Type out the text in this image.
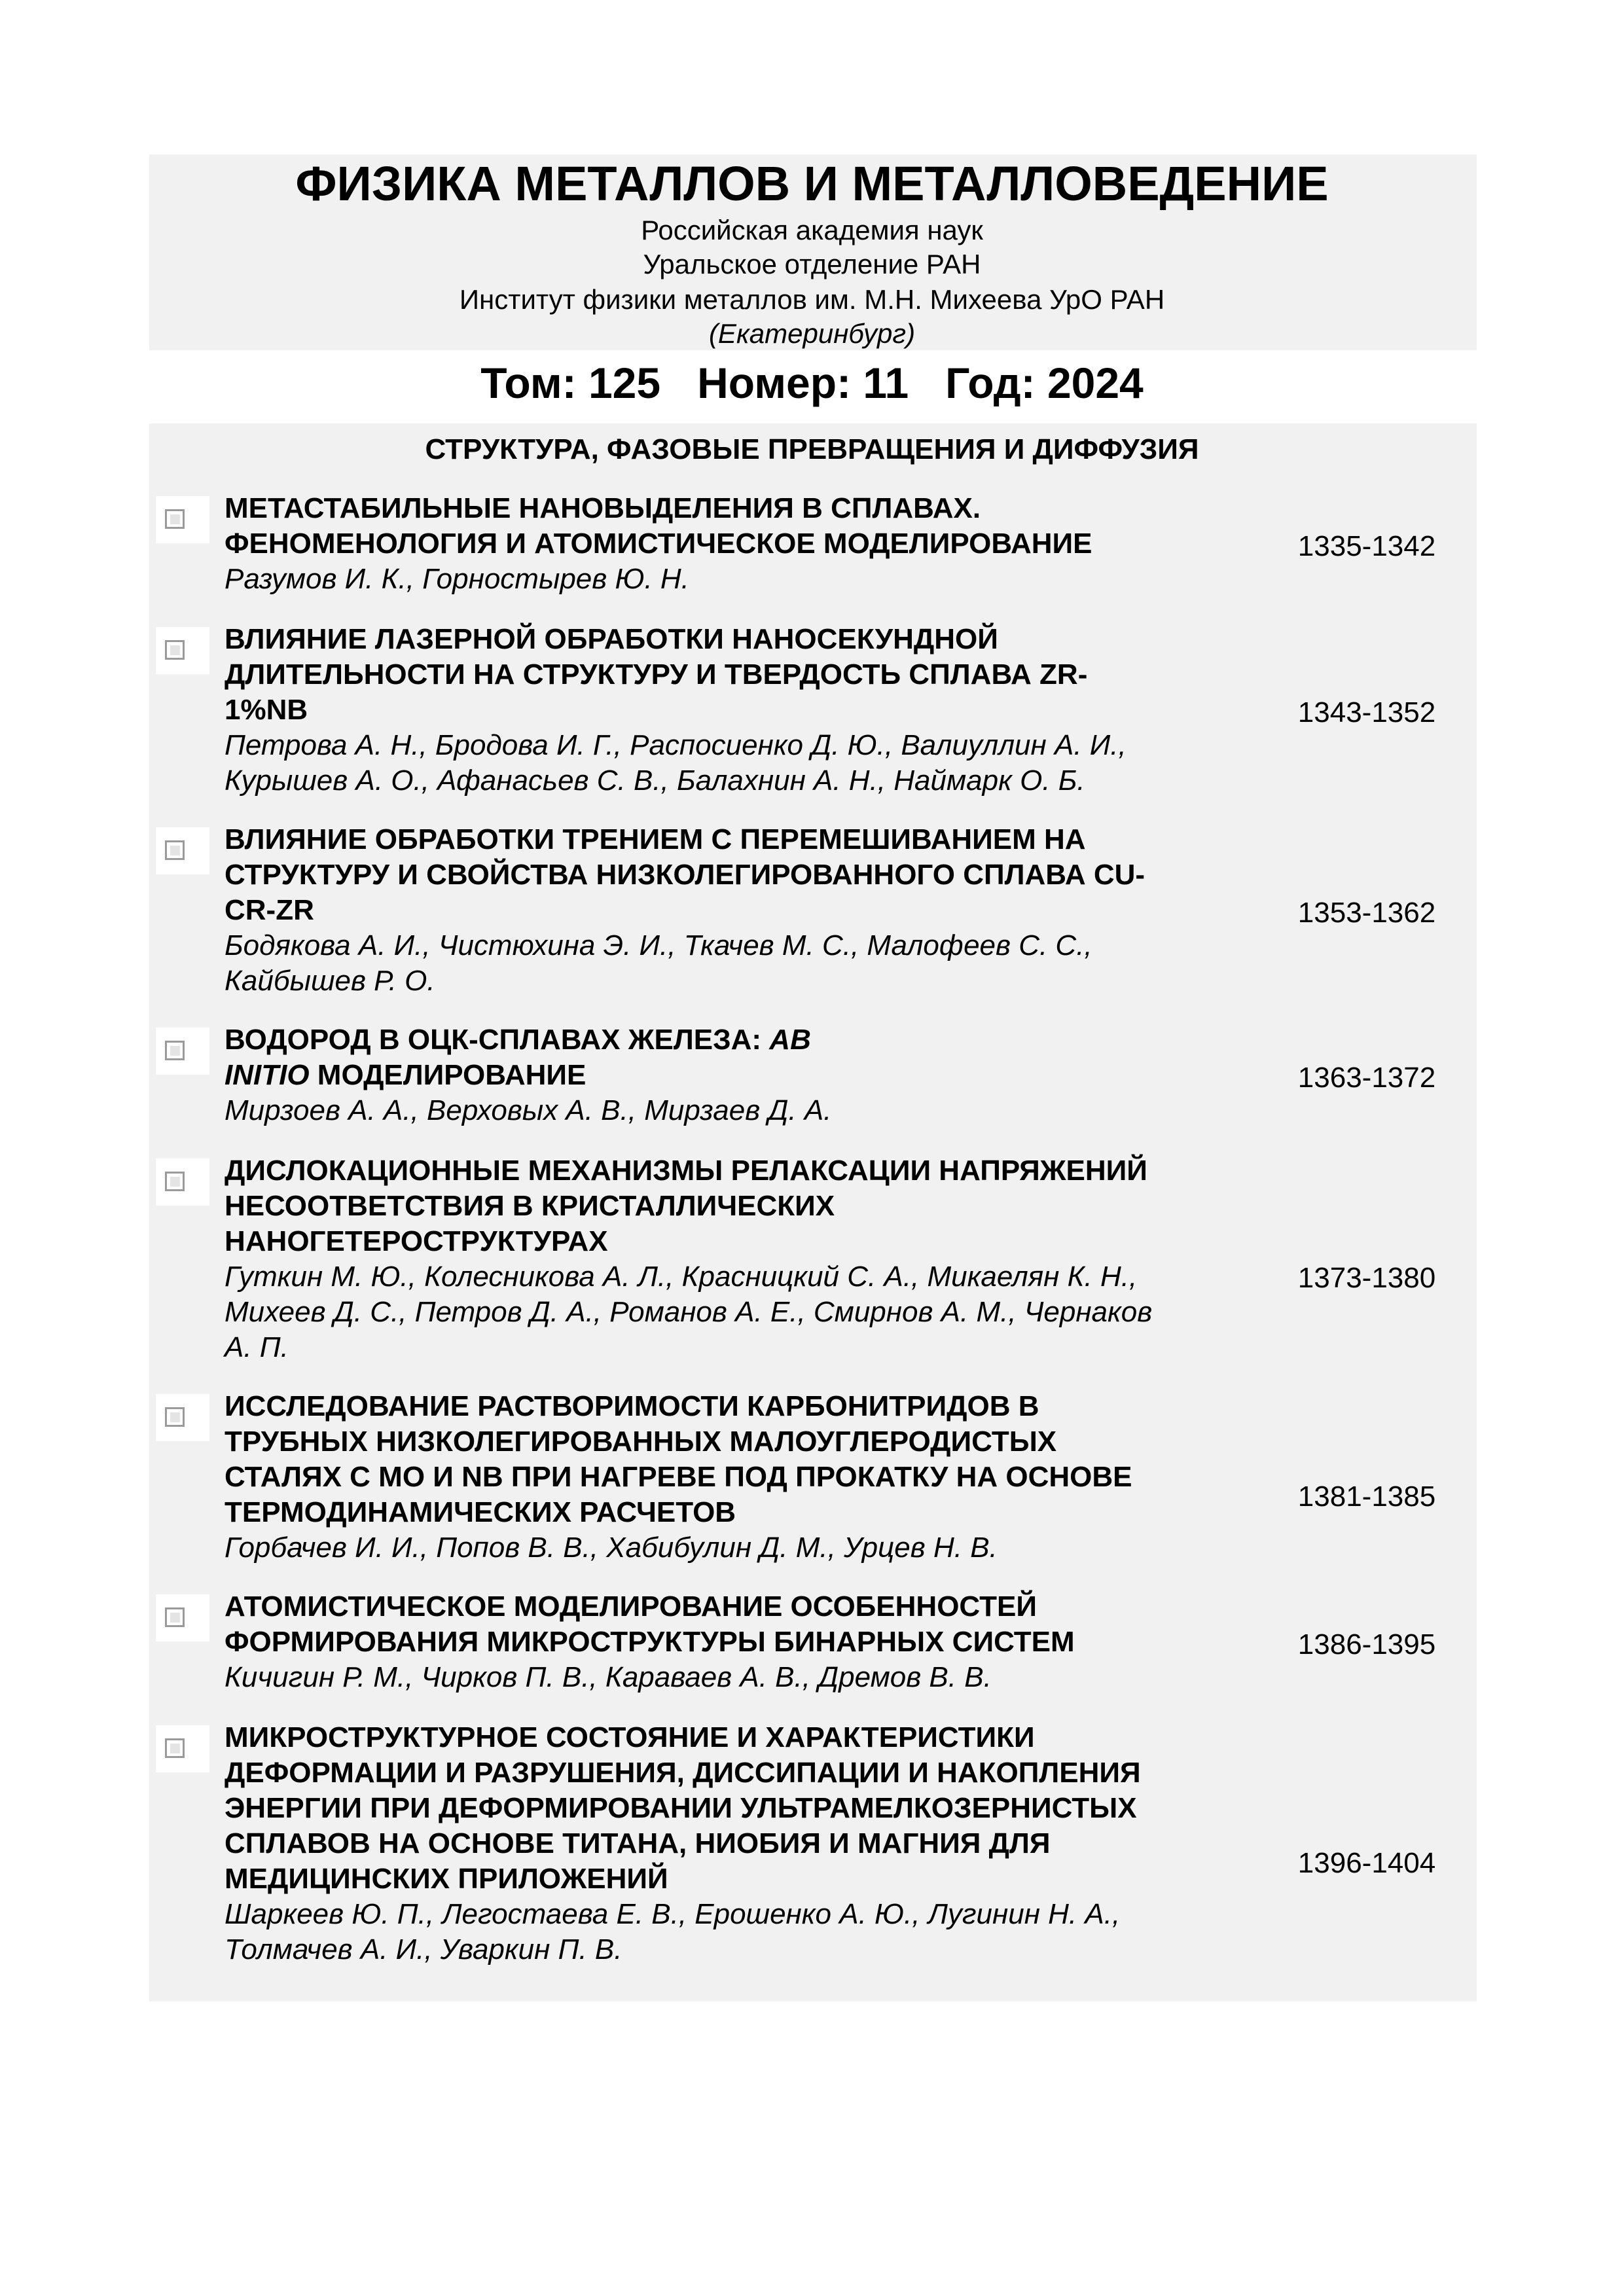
ФИЗИКА МЕТАЛЛОВ И МЕТАЛЛОВЕДЕНИЕ
Российская академия наук
Уральское отделение РАН
Институт физики металлов им. М.Н. Михеева УрО РАН
(Екатеринбург)
Том: 125 Номер: 11 Год: 2024
СТРУКТУРА, ФАЗОВЫЕ ПРЕВРАЩЕНИЯ И ДИФФУЗИЯ
МЕТАСТАБИЛЬНЫЕ НАНОВЫДЕЛЕНИЯ В СПЛАВАХ.
ФЕНОМЕНОЛОГИЯ И АТОМИСТИЧЕСКОЕ МОДЕЛИРОВАНИЕ
Разумов И. К., Горностырев Ю. Н.
1335-1342
ВЛИЯНИЕ ЛАЗЕРНОЙ ОБРАБОТКИ НАНОСЕКУНДНОЙ
ДЛИТЕЛЬНОСТИ НА СТРУКТУРУ И ТВЕРДОСТЬ СПЛАВА ZR-
1%NB
Петрова А. Н., Бродова И. Г., Распосиенко Д. Ю., Валиуллин А. И.,
Курышев А. О., Афанасьев С. В., Балахнин А. Н., Наймарк О. Б.
1343-1352
ВЛИЯНИЕ ОБРАБОТКИ ТРЕНИЕМ С ПЕРЕМЕШИВАНИЕМ НА
СТРУКТУРУ И СВОЙСТВА НИЗКОЛЕГИРОВАННОГО СПЛАВА CU-
CR-ZR
Бодякова А. И., Чистюхина Э. И., Ткачев М. С., Малофеев С. С.,
Кайбышев Р. О.
1353-1362
ВОДОРОД В ОЦК-СПЛАВАХ ЖЕЛЕЗА: AB
INITIO МОДЕЛИРОВАНИЕ
Мирзоев А. А., Верховых А. В., Мирзаев Д. А.
1363-1372
ДИСЛОКАЦИОННЫЕ МЕХАНИЗМЫ РЕЛАКСАЦИИ НАПРЯЖЕНИЙ
НЕСООТВЕТСТВИЯ В КРИСТАЛЛИЧЕСКИХ
НАНОГЕТЕРОСТРУКТУРАХ
Гуткин М. Ю., Колесникова А. Л., Красницкий С. А., Микаелян К. Н.,
Михеев Д. С., Петров Д. А., Романов А. Е., Смирнов А. М., Чернаков
А. П.
1373-1380
ИССЛЕДОВАНИЕ РАСТВОРИМОСТИ КАРБОНИТРИДОВ В
ТРУБНЫХ НИЗКОЛЕГИРОВАННЫХ МАЛОУГЛЕРОДИСТЫХ
СТАЛЯХ С MO И NB ПРИ НАГРЕВЕ ПОД ПРОКАТКУ НА ОСНОВЕ
ТЕРМОДИНАМИЧЕСКИХ РАСЧЕТОВ
Горбачев И. И., Попов В. В., Хабибулин Д. М., Урцев Н. В.
1381-1385
АТОМИСТИЧЕСКОЕ МОДЕЛИРОВАНИЕ ОСОБЕННОСТЕЙ
ФОРМИРОВАНИЯ МИКРОСТРУКТУРЫ БИНАРНЫХ СИСТЕМ
Кичигин Р. М., Чирков П. В., Караваев А. В., Дремов В. В.
1386-1395
МИКРОСТРУКТУРНОЕ СОСТОЯНИЕ И ХАРАКТЕРИСТИКИ
ДЕФОРМАЦИИ И РАЗРУШЕНИЯ, ДИССИПАЦИИ И НАКОПЛЕНИЯ
ЭНЕРГИИ ПРИ ДЕФОРМИРОВАНИИ УЛЬТРАМЕЛКОЗЕРНИСТЫХ
СПЛАВОВ НА ОСНОВЕ ТИТАНА, НИОБИЯ И МАГНИЯ ДЛЯ
МЕДИЦИНСКИХ ПРИЛОЖЕНИЙ
Шаркеев Ю. П., Легостаева Е. В., Ерошенко А. Ю., Лугинин Н. А.,
Толмачев А. И., Уваркин П. В.
1396-1404
